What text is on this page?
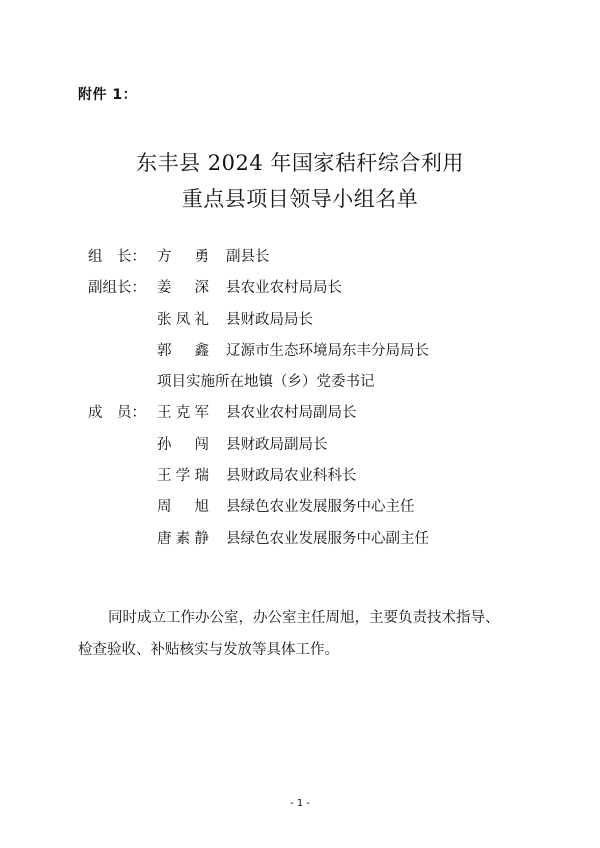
附件 1：
东丰县 2024 年国家秸秆综合利用
重点县项目领导小组名单
组　长： 方　勇 副县长
副组长： 姜　深 县农业农村局局长
张凤礼 县财政局局长
郭　鑫 辽源市生态环境局东丰分局局长
项目实施所在地镇（乡）党委书记
成　员： 王克军 县农业农村局副局长
孙　闯 县财政局副局长
王学瑞 县财政局农业科科长
周　旭 县绿色农业发展服务中心主任
唐素静 县绿色农业发展服务中心副主任
同时成立工作办公室，办公室主任周旭，主要负责技术指导、
检查验收、补贴核实与发放等具体工作。
- 1 -
